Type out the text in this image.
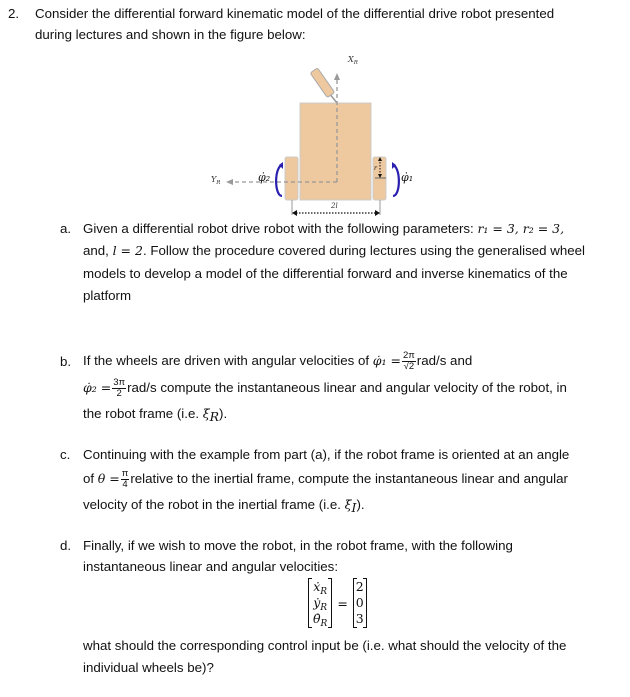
2. Consider the differential forward kinematic model of the differential drive robot presented
during lectures and shown in the figure below:
$X_R$
$Y_R$	φ̇₂	φ̇₁
r
2l
a. Given a differential robot drive robot with the following parameters: r₁ = 3, r₂ = 3,
and, l = 2. Follow the procedure covered during lectures using the generalised wheel
models to develop a model of the differential forward and inverse kinematics of the
platform
b. If the wheels are driven with angular velocities of φ̇₁ = $\frac{2\pi}{√2} rad/s$ and
φ̇₂ = $\frac{3\pi}{2} rad/s$ compute the instantaneous linear and angular velocity of the robot, in
the robot frame (i.e. $\xi̇_R$).
c. Continuing with the example from part (a), if the robot frame is oriented at an angle
of $\theta = \frac{\pi}{4}$ relative to the inertial frame, compute the instantaneous linear and angular
velocity of the robot in the inertial frame (i.e. $\xi̇_I$).
d. Finally, if we wish to move the robot, in the robot frame, with the following
instantaneous linear and angular velocities:
ẋ$_R$
ẏ$_R$
$\thetȧ_R$
=
2
0
3
what should the corresponding control input be (i.e. what should the velocity of the
individual wheels be)?
